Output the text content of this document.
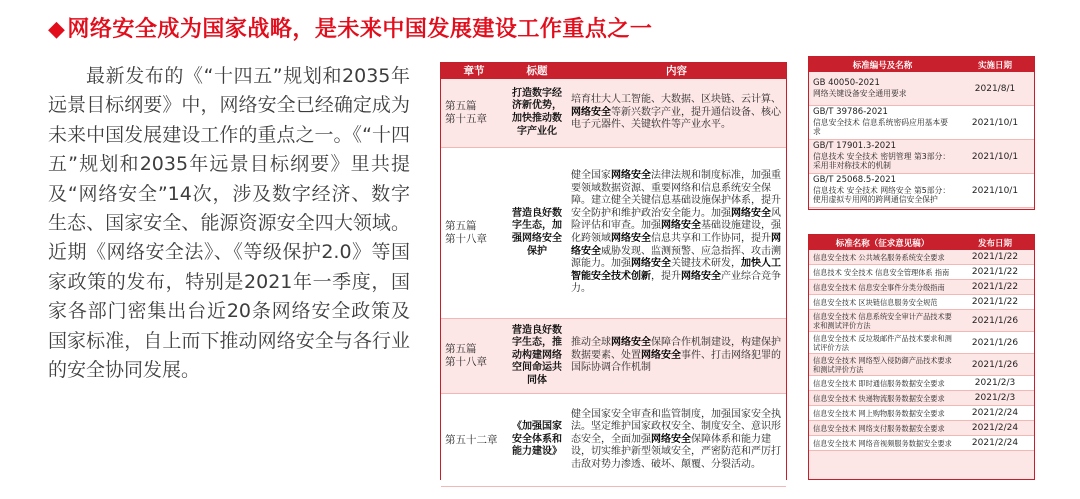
◆网络安全成为国家战略，是未来中国发展建设工作重点之一

最新发布的《“十四五”规划和2035年远景目标纲要》中，网络安全已经确定成为未来中国发展建设工作的重点之一。《“十四五”规划和2035年远景目标纲要》里共提及“网络安全”14次，涉及数字经济、数字生态、国家安全、能源资源安全四大领域。近期《网络安全法》、《等级保护2.0》等国家政策的发布，特别是2021年一季度，国家各部门密集出台近20条网络安全政策及国家标准，自上而下推动网络安全与各行业的安全协同发展。

章节	标题	内容
第五篇
第十五章	打造数字经济新优势，加快推动数字产业化	培育壮大人工智能、大数据、区块链、云计算、网络安全等新兴数字产业，提升通信设备、核心电子元器件、关键软件等产业水平。
第五篇
第十八章	营造良好数字生态，加强网络安全保护	健全国家网络安全法律法规和制度标准，加强重要领域数据资源、重要网络和信息系统安全保障。建立健全关键信息基础设施保护体系，提升安全防护和维护政治安全能力。加强网络安全风险评估和审查。加强网络安全基础设施建设，强化跨领域网络安全信息共享和工作协同，提升网络安全威胁发现、监测预警、应急指挥、攻击溯源能力。加强网络安全关键技术研发，加快人工智能安全技术创新，提升网络安全产业综合竞争力。
第五篇
第十八章	营造良好数字生态，推动构建网络空间命运共同体	推动全球网络安全保障合作机制建设，构建保护数据要素、处置网络安全事件、打击网络犯罪的国际协调合作机制
第五十二章	《加强国家安全体系和能力建设》	健全国家安全审查和监管制度，加强国家安全执法。坚定维护国家政权安全、制度安全、意识形态安全，全面加强网络安全保障体系和能力建设，切实维护新型领域安全，严密防范和严厉打击敌对势力渗透、破坏、颠覆、分裂活动。
标准编号及名称	实施日期

GB 40050-2021
网络关键设备安全通用要求	2021/8/1

GB/T 39786-2021
信息安全技术 信息系统密码应用基本要求	2021/10/1

GB/T 17901.3-2021
信息技术 安全技术 密钥管理 第3部分：采用非对称技术的机制	2021/10/1

GB/T 25068.5-2021
信息技术 安全技术 网络安全 第5部分：使用虚拟专用网的跨网通信安全保护	2021/10/1
标准名称（征求意见稿）	发布日期
信息安全技术 公共域名服务系统安全要求	2021/1/22
信息技术 安全技术 信息安全管理体系 指南	2021/1/22
信息安全技术 信息安全事件分类分级指南	2021/1/22
信息安全技术 区块链信息服务安全规范	2021/1/22
信息安全技术 信息系统安全审计产品技术要求和测试评价方法	2021/1/26
信息安全技术 反垃圾邮件产品技术要求和测试评价方法	2021/1/26
信息安全技术 网络型入侵防御产品技术要求和测试评价方法	2021/1/26
信息安全技术 即时通信服务数据安全要求	2021/2/3
信息安全技术 快递物流服务数据安全要求	2021/2/3
信息安全技术 网上购物服务数据安全要求	2021/2/24
信息安全技术 网络支付服务数据安全要求	2021/2/24
信息安全技术 网络音视频服务数据安全要求	2021/2/24
